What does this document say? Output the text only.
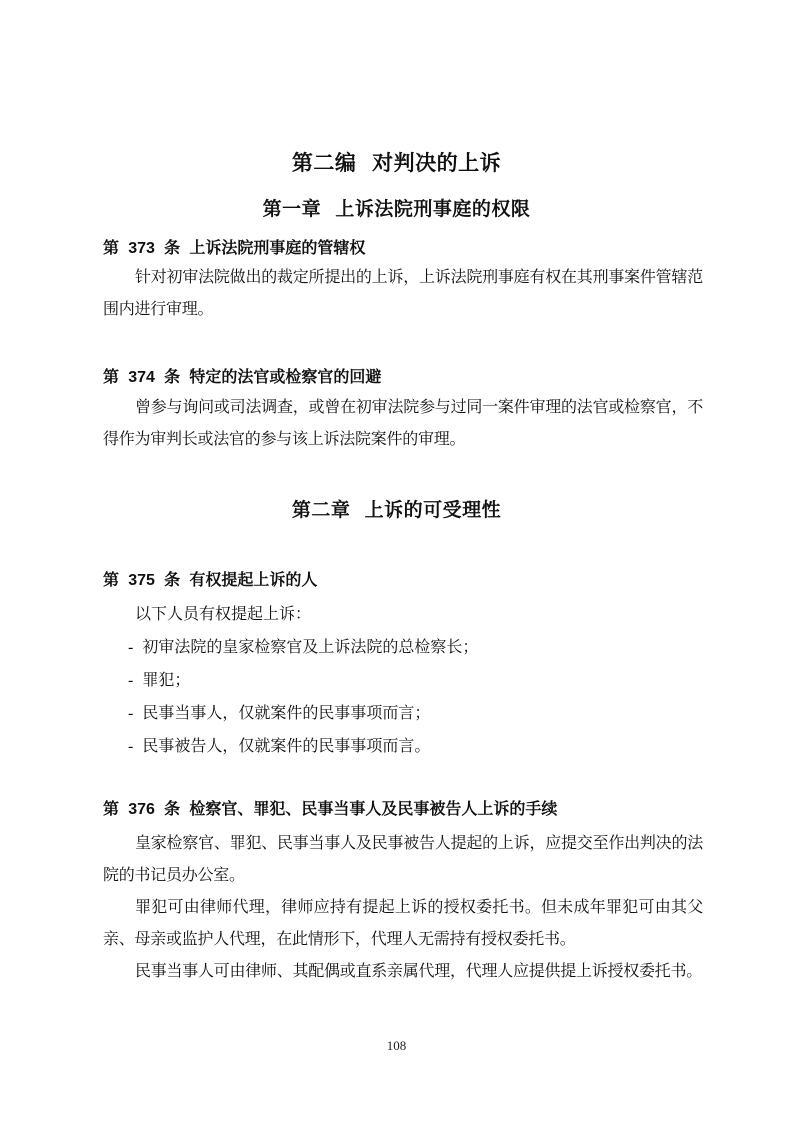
第二编 对判决的上诉
第一章 上诉法院刑事庭的权限
第 373 条 上诉法院刑事庭的管辖权

针对初审法院做出的裁定所提出的上诉，上诉法院刑事庭有权在其刑事案件管辖范围内进行审理。

第 374 条 特定的法官或检察官的回避

曾参与询问或司法调查，或曾在初审法院参与过同一案件审理的法官或检察官，不得作为审判长或法官的参与该上诉法院案件的审理。

第二章 上诉的可受理性
第 375 条 有权提起上诉的人
以下人员有权提起上诉：
- 初审法院的皇家检察官及上诉法院的总检察长；
- 罪犯；
- 民事当事人，仅就案件的民事事项而言；
- 民事被告人，仅就案件的民事事项而言。
第 376 条 检察官、罪犯、民事当事人及民事被告人上诉的手续

皇家检察官、罪犯、民事当事人及民事被告人提起的上诉，应提交至作出判决的法院的书记员办公室。

罪犯可由律师代理，律师应持有提起上诉的授权委托书。但未成年罪犯可由其父亲、母亲或监护人代理，在此情形下，代理人无需持有授权委托书。

民事当事人可由律师、其配偶或直系亲属代理，代理人应提供提上诉授权委托书。

108
